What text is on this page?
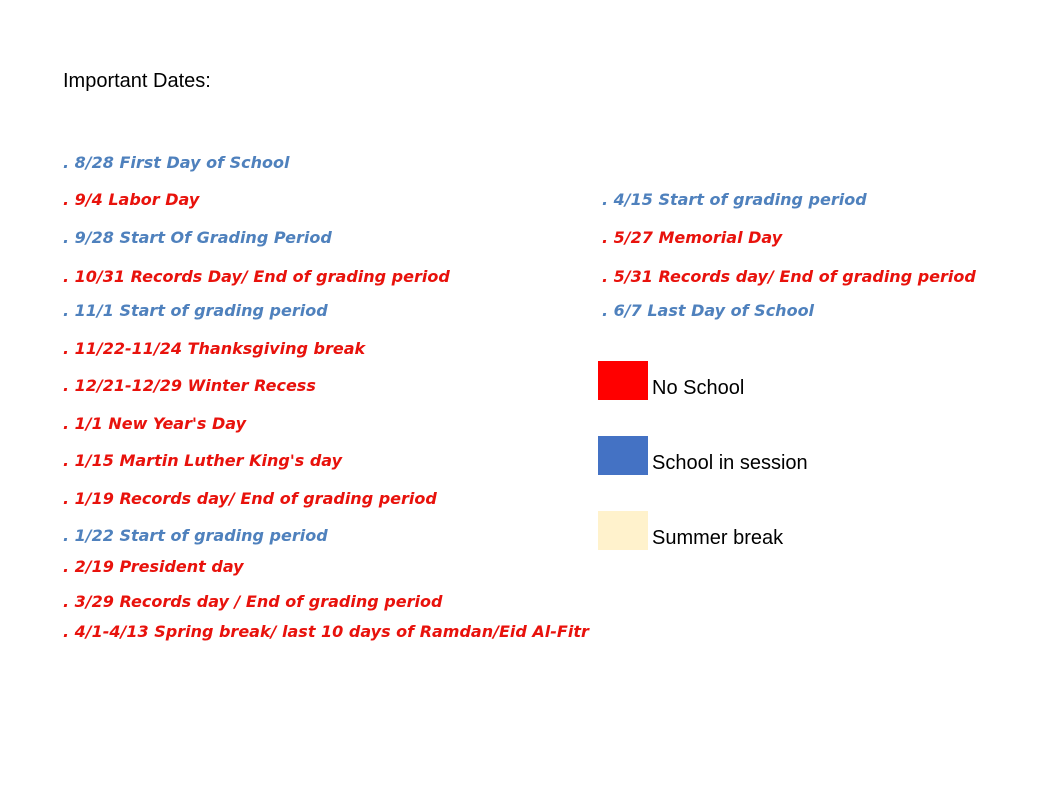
Important Dates:
. 8/28 First Day of School
. 9/4 Labor Day
. 9/28 Start Of Grading Period
. 10/31 Records Day/ End of grading period
. 11/1 Start of grading period
. 11/22-11/24 Thanksgiving break
. 12/21-12/29 Winter Recess
. 1/1 New Year's Day
. 1/15 Martin Luther King's day
. 1/19 Records day/ End of grading period
. 1/22 Start of grading period
. 2/19 President day
. 3/29 Records day / End of grading period
. 4/1-4/13 Spring break/ last 10 days of Ramdan/Eid Al-Fitr
. 4/15 Start of grading period
. 5/27 Memorial Day
. 5/31 Records day/ End of grading period
. 6/7 Last Day of School
No School
School in session
Summer break
